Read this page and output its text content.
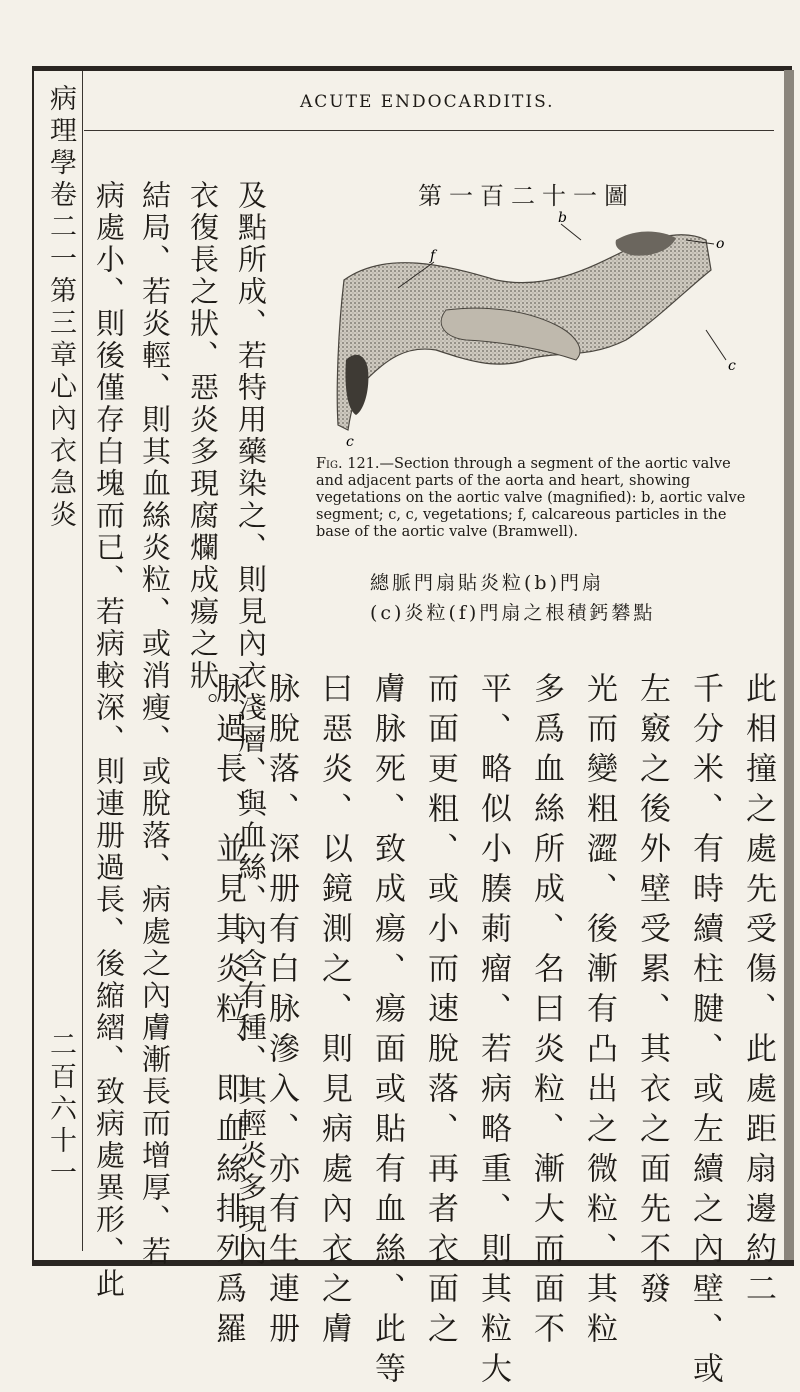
病理學卷二一第三章心內衣急炎
二百六十一
ACUTE ENDOCARDITIS.
第一百二十一圖
f
b
o
c
c
Fig. 121.—Section through a segment of the aortic valve and adjacent parts of the aorta and heart, showing vegetations on the aortic valve (magnified): b, aortic valve segment; c, c, vegetations; f, calcareous particles in the base of the aortic valve (Bramwell).
總脈門扇貼炎粒(b)門扇
(c)炎粒(f)門扇之根積鈣礬點
此相撞之處先受傷、此處距扇邊約二
千分米、有時續柱腱、或左續之內壁、或
左竅之後外壁受累、其衣之面先不發
光而變粗澀、後漸有凸出之微粒、其粒
多爲血絲所成、名曰炎粒、漸大而面不
平、略似小腠莿瘤、若病略重、則其粒大
而面更粗、或小而速脫落、再者衣面之
膚脉死、致成瘍、瘍面或貼有血絲、此等
曰惡炎、以鏡測之、則見病處內衣之膚
脉脫落、深册有白脉滲入、亦有生連册
脉過長、並見其炎粒、即血絲排列爲羅
及點所成、若特用藥染之、則見內衣淺層、與血絲、內含有種、其輕炎多現內
衣復長之狀、惡炎多現腐爛成瘍之狀。
結局、若炎輕、則其血絲炎粒、或消瘦、或脫落、病處之內膚漸長而增厚、若
病處小、則後僅存白塊而已、若病較深、則連册過長、後縮䌌、致病處異形、此
